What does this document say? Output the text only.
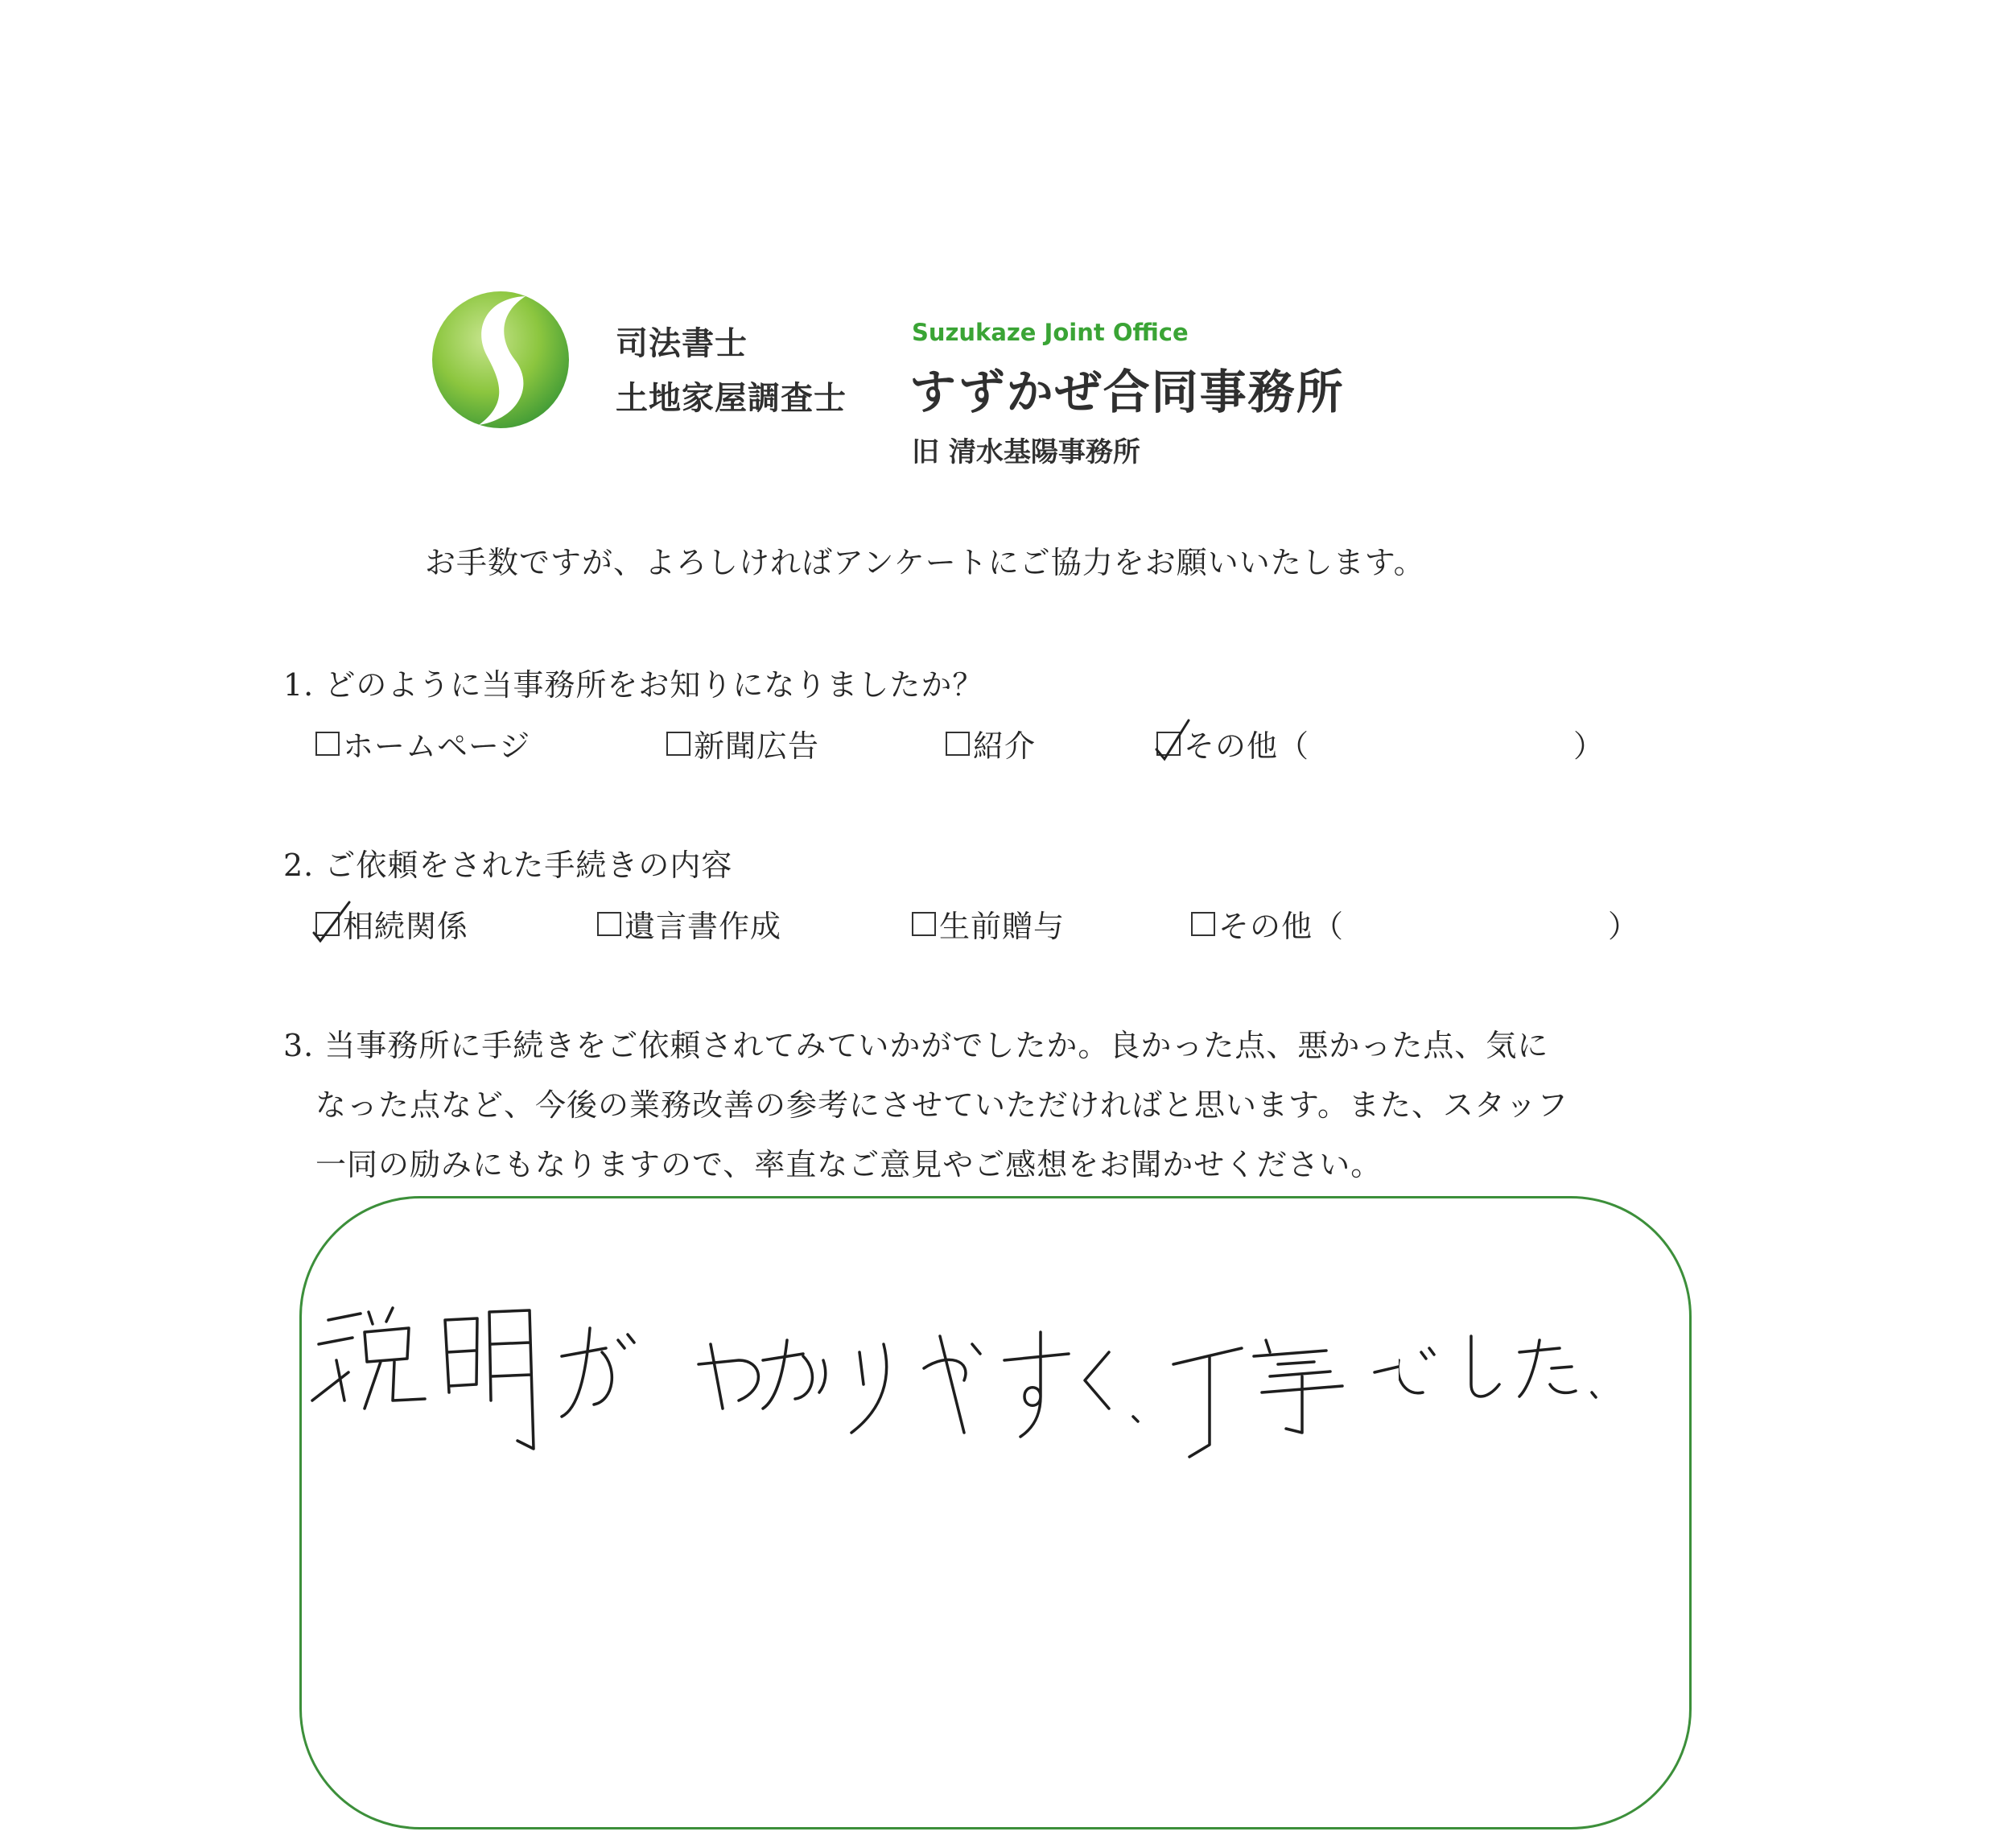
司法書士
土地家屋調査士
Suzukaze Joint Office
すずかぜ合同事務所
旧 清水基陽事務所
お手数ですが、よろしければアンケートにご協力をお願いいたします。
1. どのように当事務所をお知りになりましたか？
ホームページ	新聞広告	紹介	その他（	）
2. ご依頼をされた手続きの内容
相続関係	遺言書作成	生前贈与	その他（	）
3. 当事務所に手続きをご依頼されてみていかがでしたか。良かった点、悪かった点、気に
なった点など、今後の業務改善の参考にさせていただければと思います。また、スタッフ
一同の励みにもなりますので、率直なご意見やご感想をお聞かせください。
